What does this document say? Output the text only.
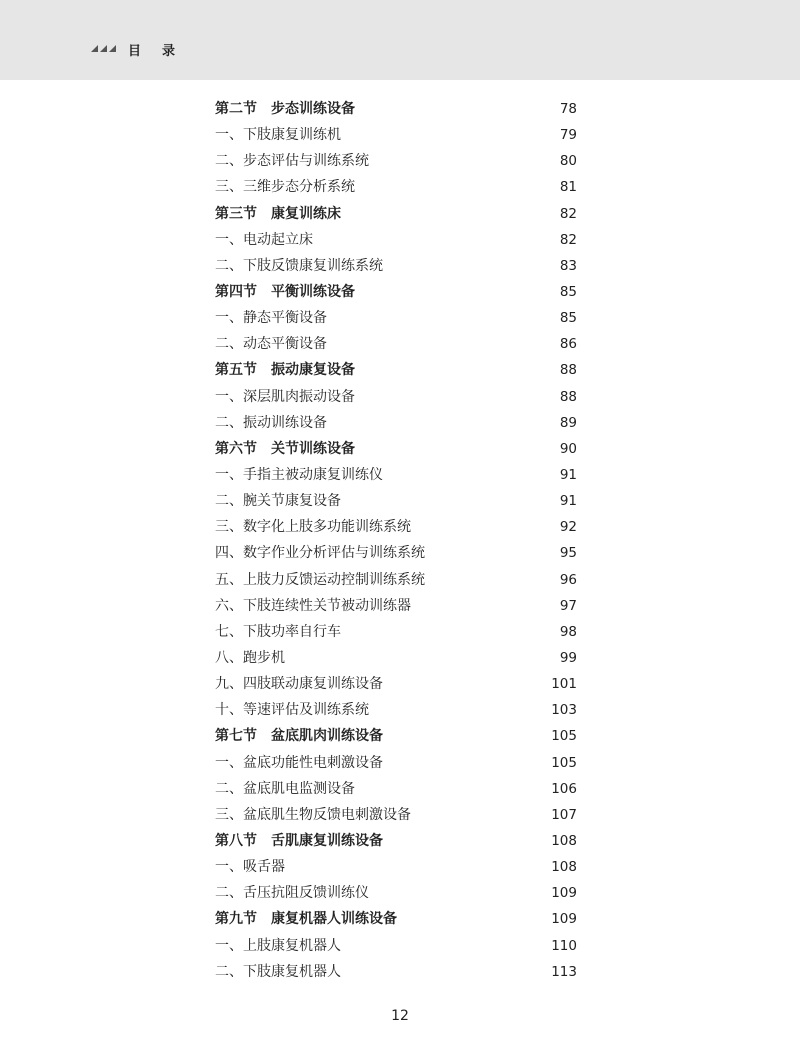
目 录
第二节　步态训练设备	78
一、下肢康复训练机	79
二、步态评估与训练系统	80
三、三维步态分析系统	81
第三节　康复训练床	82
一、电动起立床	82
二、下肢反馈康复训练系统	83
第四节　平衡训练设备	85
一、静态平衡设备	85
二、动态平衡设备	86
第五节　振动康复设备	88
一、深层肌肉振动设备	88
二、振动训练设备	89
第六节　关节训练设备	90
一、手指主被动康复训练仪	91
二、腕关节康复设备	91
三、数字化上肢多功能训练系统	92
四、数字作业分析评估与训练系统	95
五、上肢力反馈运动控制训练系统	96
六、下肢连续性关节被动训练器	97
七、下肢功率自行车	98
八、跑步机	99
九、四肢联动康复训练设备	101
十、等速评估及训练系统	103
第七节　盆底肌肉训练设备	105
一、盆底功能性电刺激设备	105
二、盆底肌电监测设备	106
三、盆底肌生物反馈电刺激设备	107
第八节　舌肌康复训练设备	108
一、吸舌器	108
二、舌压抗阻反馈训练仪	109
第九节　康复机器人训练设备	109
一、上肢康复机器人	110
二、下肢康复机器人	113
12
